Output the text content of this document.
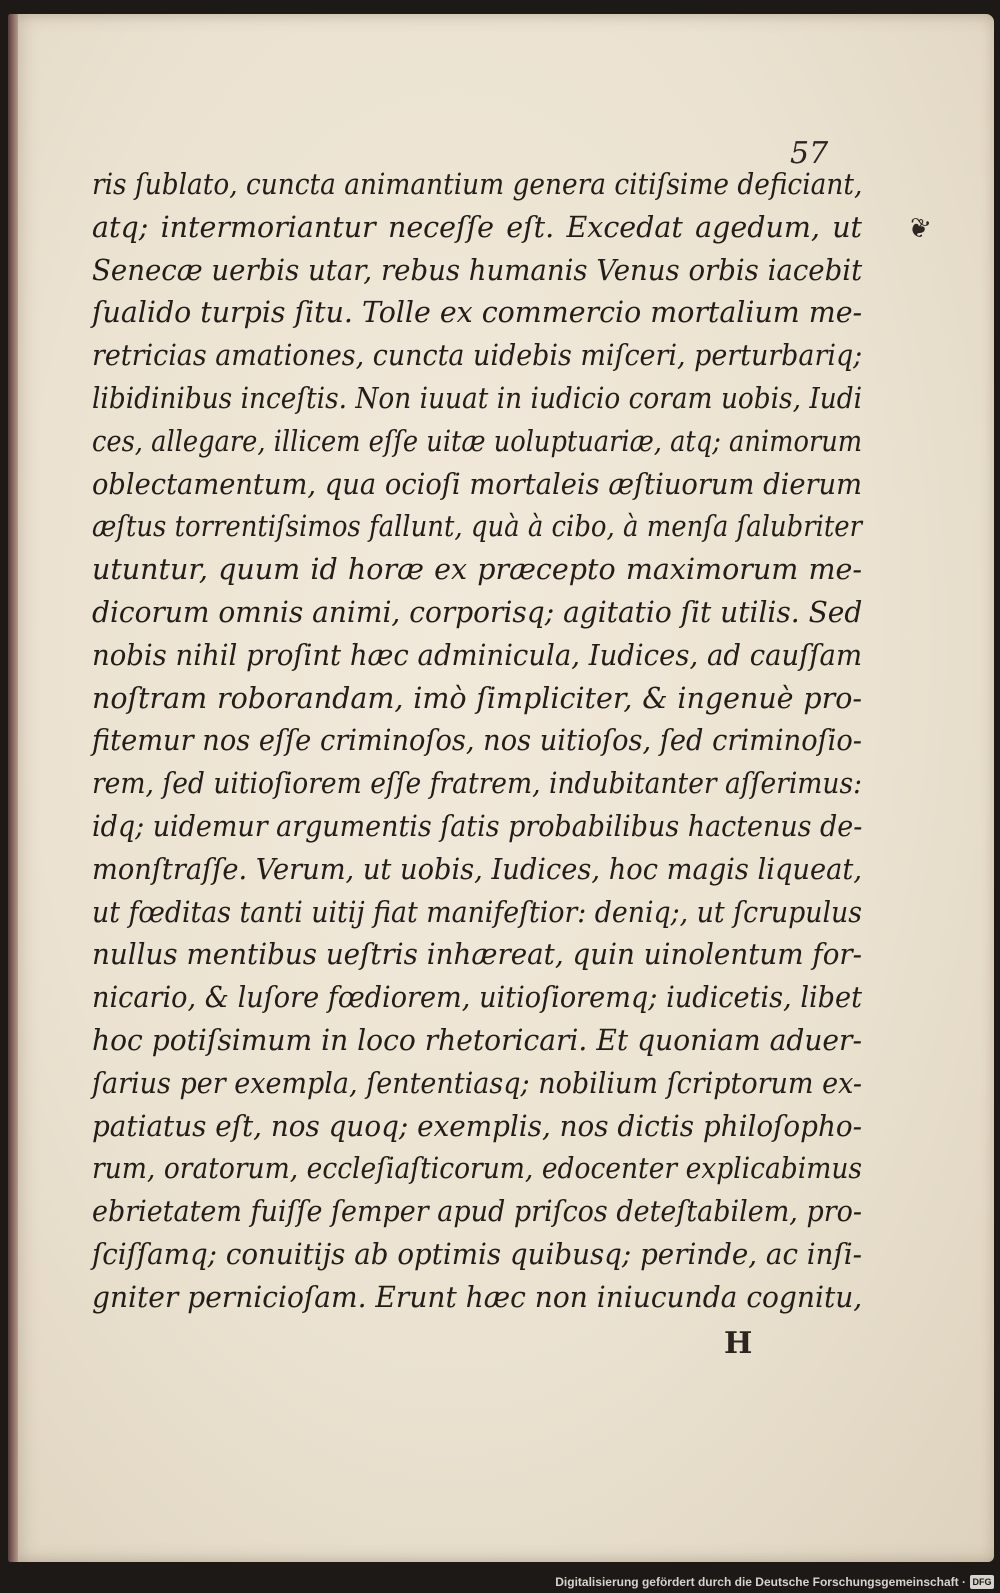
57
❦
ris ſublato, cuncta animantium genera citiſsime deficiant,
atq; intermoriantur neceſſe eſt. Excedat agedum, ut
Senecæ uerbis utar, rebus humanis Venus orbis iacebit
ſualido turpis ſitu. Tolle ex commercio mortalium me-
retricias amationes, cuncta uidebis miſceri, perturbariq;
libidinibus inceſtis. Non iuuat in iudicio coram uobis, Iudi
ces, allegare, illicem eſſe uitæ uoluptuariæ, atq; animorum
oblectamentum, qua ocioſi mortaleis æſtiuorum dierum
æſtus torrentiſsimos fallunt, quà à cibo, à menſa ſalubriter
utuntur, quum id horæ ex præcepto maximorum me-
dicorum omnis animi, corporisq; agitatio ſit utilis. Sed
nobis nihil proſint hæc adminicula, Iudices, ad cauſſam
noſtram roborandam, imò ſimpliciter, & ingenuè pro-
fitemur nos eſſe criminoſos, nos uitioſos, ſed criminoſio-
rem, ſed uitioſiorem eſſe fratrem, indubitanter aſſerimus:
idq; uidemur argumentis ſatis probabilibus hactenus de-
monſtraſſe. Verum, ut uobis, Iudices, hoc magis liqueat,
ut fœditas tanti uitij fiat manifeſtior: deniq;, ut ſcrupulus
nullus mentibus ueſtris inhæreat, quin uinolentum for-
nicario, & luſore fœdiorem, uitioſioremq; iudicetis, libet
hoc potiſsimum in loco rhetoricari. Et quoniam aduer-
ſarius per exempla, ſententiasq; nobilium ſcriptorum ex-
patiatus eſt, nos quoq; exemplis, nos dictis philoſopho-
rum, oratorum, eccleſiaſticorum, edocenter explicabimus
ebrietatem fuiſſe ſemper apud priſcos deteſtabilem, pro-
ſciſſamq; conuitijs ab optimis quibusq; perinde, ac inſi-
gniter pernicioſam. Erunt hæc non iniucunda cognitu,
H
Digitalisierung gefördert durch die Deutsche Forschungsgemeinschaft · DFG
